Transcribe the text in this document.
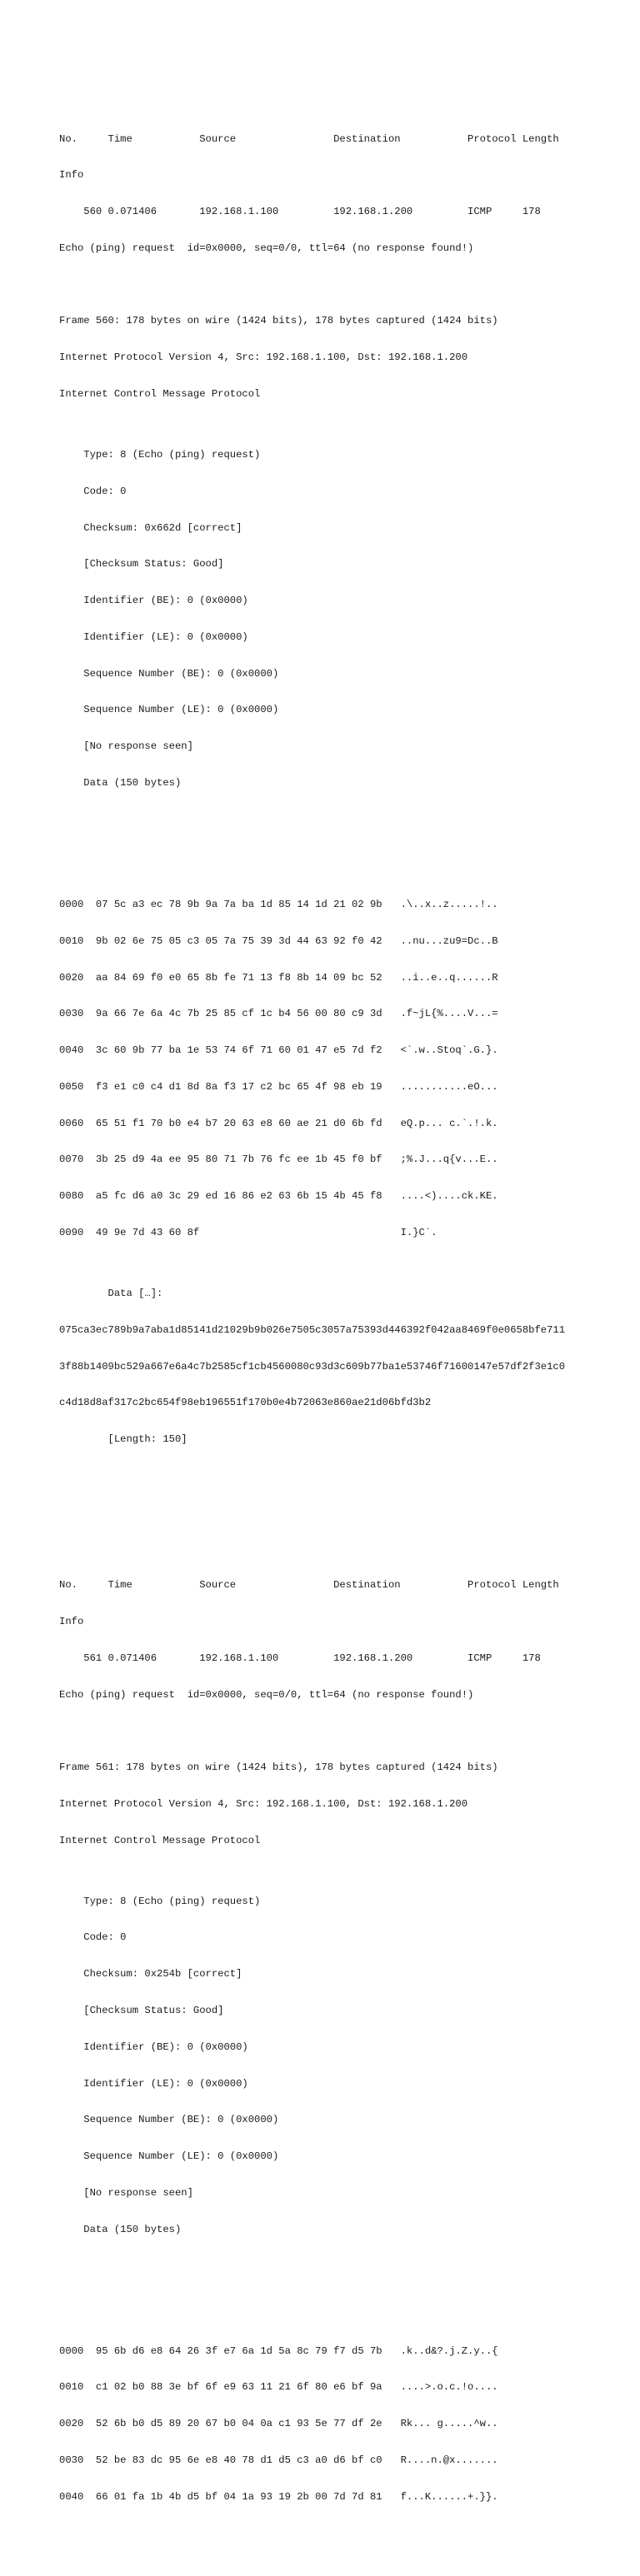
No.     Time           Source                Destination           Protocol Length

Info

560 0.071406       192.168.1.100         192.168.1.200         ICMP     178

Echo (ping) request  id=0x0000, seq=0/0, ttl=64 (no response found!)

Frame 560: 178 bytes on wire (1424 bits), 178 bytes captured (1424 bits)

Internet Protocol Version 4, Src: 192.168.1.100, Dst: 192.168.1.200

Internet Control Message Protocol

Type: 8 (Echo (ping) request)

Code: 0

Checksum: 0x662d [correct]

[Checksum Status: Good]

Identifier (BE): 0 (0x0000)

Identifier (LE): 0 (0x0000)

Sequence Number (BE): 0 (0x0000)

Sequence Number (LE): 0 (0x0000)

[No response seen]

Data (150 bytes)

0000  07 5c a3 ec 78 9b 9a 7a ba 1d 85 14 1d 21 02 9b   .\..x..z.....!..

0010  9b 02 6e 75 05 c3 05 7a 75 39 3d 44 63 92 f0 42   ..nu...zu9=Dc..B

0020  aa 84 69 f0 e0 65 8b fe 71 13 f8 8b 14 09 bc 52   ..i..e..q......R

0030  9a 66 7e 6a 4c 7b 25 85 cf 1c b4 56 00 80 c9 3d   .f~jL{%....V...=

0040  3c 60 9b 77 ba 1e 53 74 6f 71 60 01 47 e5 7d f2   <`.w..Stoq`.G.}.

0050  f3 e1 c0 c4 d1 8d 8a f3 17 c2 bc 65 4f 98 eb 19   ...........eO...

0060  65 51 f1 70 b0 e4 b7 20 63 e8 60 ae 21 d0 6b fd   eQ.p... c.`.!.k.

0070  3b 25 d9 4a ee 95 80 71 7b 76 fc ee 1b 45 f0 bf   ;%.J...q{v...E..

0080  a5 fc d6 a0 3c 29 ed 16 86 e2 63 6b 15 4b 45 f8   ....<)....ck.KE.

0090  49 9e 7d 43 60 8f                                 I.}C`.

Data […]:

075ca3ec789b9a7aba1d85141d21029b9b026e7505c3057a75393d446392f042aa8469f0e0658bfe711

3f88b1409bc529a667e6a4c7b2585cf1cb4560080c93d3c609b77ba1e53746f71600147e57df2f3e1c0

c4d18d8af317c2bc654f98eb196551f170b0e4b72063e860ae21d06bfd3b2

[Length: 150]

No.     Time           Source                Destination           Protocol Length

Info

561 0.071406       192.168.1.100         192.168.1.200         ICMP     178

Echo (ping) request  id=0x0000, seq=0/0, ttl=64 (no response found!)

Frame 561: 178 bytes on wire (1424 bits), 178 bytes captured (1424 bits)

Internet Protocol Version 4, Src: 192.168.1.100, Dst: 192.168.1.200

Internet Control Message Protocol

Type: 8 (Echo (ping) request)

Code: 0

Checksum: 0x254b [correct]

[Checksum Status: Good]

Identifier (BE): 0 (0x0000)

Identifier (LE): 0 (0x0000)

Sequence Number (BE): 0 (0x0000)

Sequence Number (LE): 0 (0x0000)

[No response seen]

Data (150 bytes)

0000  95 6b d6 e8 64 26 3f e7 6a 1d 5a 8c 79 f7 d5 7b   .k..d&?.j.Z.y..{

0010  c1 02 b0 88 3e bf 6f e9 63 11 21 6f 80 e6 bf 9a   ....>.o.c.!o....

0020  52 6b b0 d5 89 20 67 b0 04 0a c1 93 5e 77 df 2e   Rk... g.....^w..

0030  52 be 83 dc 95 6e e8 40 78 d1 d5 c3 a0 d6 bf c0   R....n.@x.......

0040  66 01 fa 1b 4b d5 bf 04 1a 93 19 2b 00 7d 7d 81   f...K......+.}}.
